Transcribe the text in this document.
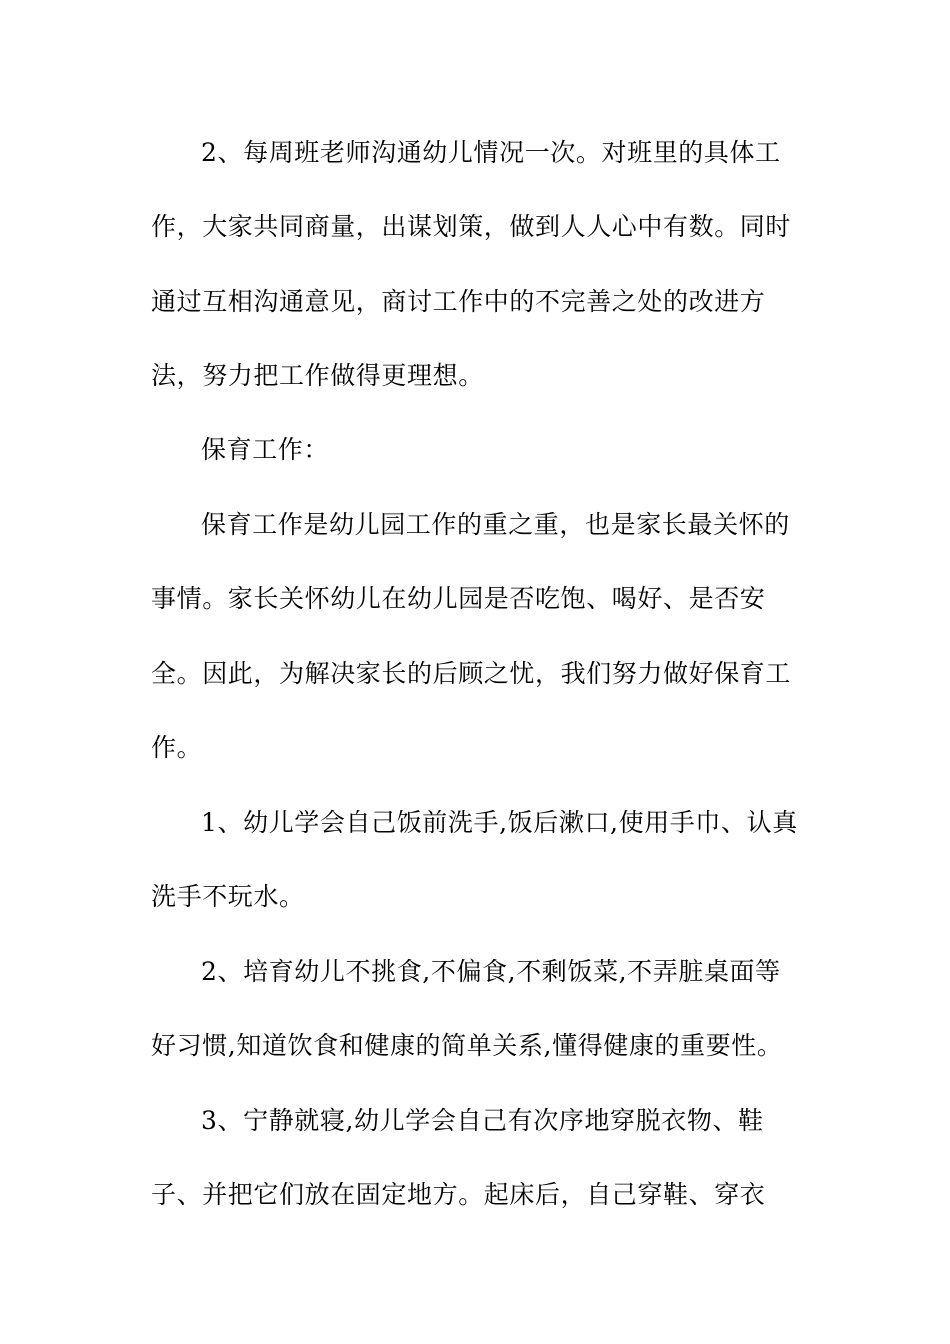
2、每周班老师沟通幼儿情况一次。对班里的具体工
作，大家共同商量，出谋划策，做到人人心中有数。同时
通过互相沟通意见，商讨工作中的不完善之处的改进方
法，努力把工作做得更理想。
保育工作：
保育工作是幼儿园工作的重之重，也是家长最关怀的
事情。家长关怀幼儿在幼儿园是否吃饱、喝好、是否安
全。因此，为解决家长的后顾之忧，我们努力做好保育工
作。
1、幼儿学会自己饭前洗手,饭后漱口,使用手巾、认真
洗手不玩水。
2、培育幼儿不挑食,不偏食,不剩饭菜,不弄脏桌面等
好习惯,知道饮食和健康的简单关系,懂得健康的重要性。
3、宁静就寝,幼儿学会自己有次序地穿脱衣物、鞋
子、并把它们放在固定地方。起床后，自己穿鞋、穿衣
